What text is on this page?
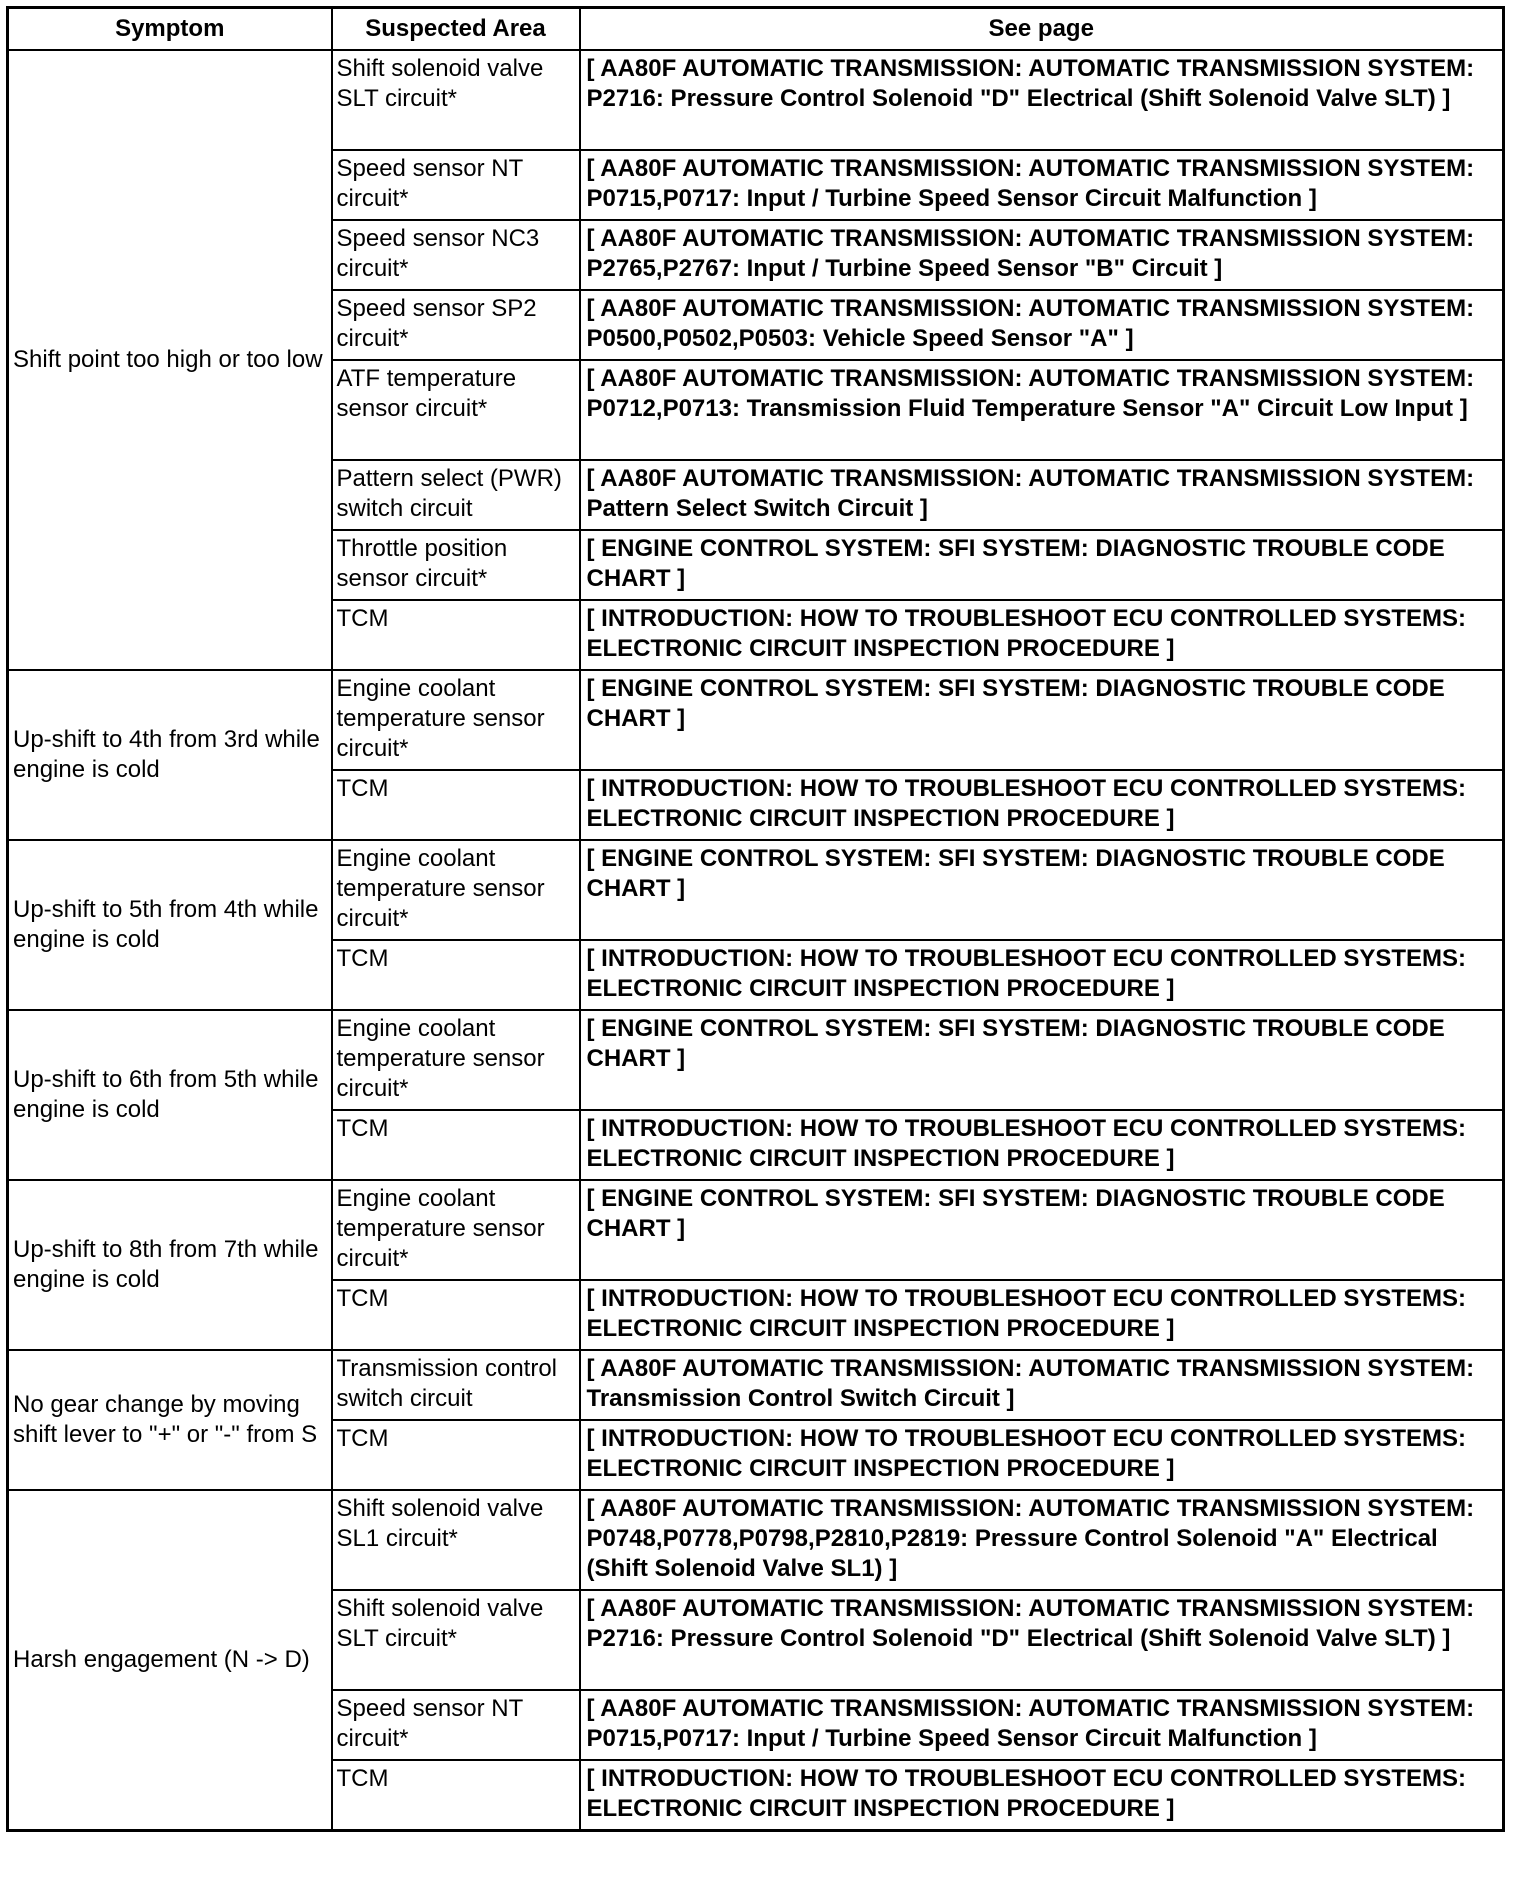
Symptom	Suspected Area	See page
Shift point too high or too low	Shift solenoid valve SLT circuit*	[ AA80F AUTOMATIC TRANSMISSION: AUTOMATIC TRANSMISSION SYSTEM: P2716: Pressure Control Solenoid "D" Electrical (Shift Solenoid Valve SLT) ]
	Speed sensor NT circuit*	[ AA80F AUTOMATIC TRANSMISSION: AUTOMATIC TRANSMISSION SYSTEM: P0715,P0717: Input / Turbine Speed Sensor Circuit Malfunction ]
	Speed sensor NC3 circuit*	[ AA80F AUTOMATIC TRANSMISSION: AUTOMATIC TRANSMISSION SYSTEM: P2765,P2767: Input / Turbine Speed Sensor "B" Circuit ]
	Speed sensor SP2 circuit*	[ AA80F AUTOMATIC TRANSMISSION: AUTOMATIC TRANSMISSION SYSTEM: P0500,P0502,P0503: Vehicle Speed Sensor "A" ]
	ATF temperature sensor circuit*	[ AA80F AUTOMATIC TRANSMISSION: AUTOMATIC TRANSMISSION SYSTEM: P0712,P0713: Transmission Fluid Temperature Sensor "A" Circuit Low Input ]
	Pattern select (PWR) switch circuit	[ AA80F AUTOMATIC TRANSMISSION: AUTOMATIC TRANSMISSION SYSTEM: Pattern Select Switch Circuit ]
	Throttle position sensor circuit*	[ ENGINE CONTROL SYSTEM: SFI SYSTEM: DIAGNOSTIC TROUBLE CODE CHART ]
	TCM	[ INTRODUCTION: HOW TO TROUBLESHOOT ECU CONTROLLED SYSTEMS: ELECTRONIC CIRCUIT INSPECTION PROCEDURE ]
Up-shift to 4th from 3rd while engine is cold	Engine coolant temperature sensor circuit*	[ ENGINE CONTROL SYSTEM: SFI SYSTEM: DIAGNOSTIC TROUBLE CODE CHART ]
	TCM	[ INTRODUCTION: HOW TO TROUBLESHOOT ECU CONTROLLED SYSTEMS: ELECTRONIC CIRCUIT INSPECTION PROCEDURE ]
Up-shift to 5th from 4th while engine is cold	Engine coolant temperature sensor circuit*	[ ENGINE CONTROL SYSTEM: SFI SYSTEM: DIAGNOSTIC TROUBLE CODE CHART ]
	TCM	[ INTRODUCTION: HOW TO TROUBLESHOOT ECU CONTROLLED SYSTEMS: ELECTRONIC CIRCUIT INSPECTION PROCEDURE ]
Up-shift to 6th from 5th while engine is cold	Engine coolant temperature sensor circuit*	[ ENGINE CONTROL SYSTEM: SFI SYSTEM: DIAGNOSTIC TROUBLE CODE CHART ]
	TCM	[ INTRODUCTION: HOW TO TROUBLESHOOT ECU CONTROLLED SYSTEMS: ELECTRONIC CIRCUIT INSPECTION PROCEDURE ]
Up-shift to 8th from 7th while engine is cold	Engine coolant temperature sensor circuit*	[ ENGINE CONTROL SYSTEM: SFI SYSTEM: DIAGNOSTIC TROUBLE CODE CHART ]
	TCM	[ INTRODUCTION: HOW TO TROUBLESHOOT ECU CONTROLLED SYSTEMS: ELECTRONIC CIRCUIT INSPECTION PROCEDURE ]
No gear change by moving shift lever to "+" or "-" from S	Transmission control switch circuit	[ AA80F AUTOMATIC TRANSMISSION: AUTOMATIC TRANSMISSION SYSTEM: Transmission Control Switch Circuit ]
	TCM	[ INTRODUCTION: HOW TO TROUBLESHOOT ECU CONTROLLED SYSTEMS: ELECTRONIC CIRCUIT INSPECTION PROCEDURE ]
Harsh engagement (N -> D)	Shift solenoid valve SL1 circuit*	[ AA80F AUTOMATIC TRANSMISSION: AUTOMATIC TRANSMISSION SYSTEM: P0748,P0778,P0798,P2810,P2819: Pressure Control Solenoid "A" Electrical (Shift Solenoid Valve SL1) ]
	Shift solenoid valve SLT circuit*	[ AA80F AUTOMATIC TRANSMISSION: AUTOMATIC TRANSMISSION SYSTEM: P2716: Pressure Control Solenoid "D" Electrical (Shift Solenoid Valve SLT) ]
	Speed sensor NT circuit*	[ AA80F AUTOMATIC TRANSMISSION: AUTOMATIC TRANSMISSION SYSTEM: P0715,P0717: Input / Turbine Speed Sensor Circuit Malfunction ]
	TCM	[ INTRODUCTION: HOW TO TROUBLESHOOT ECU CONTROLLED SYSTEMS: ELECTRONIC CIRCUIT INSPECTION PROCEDURE ]
